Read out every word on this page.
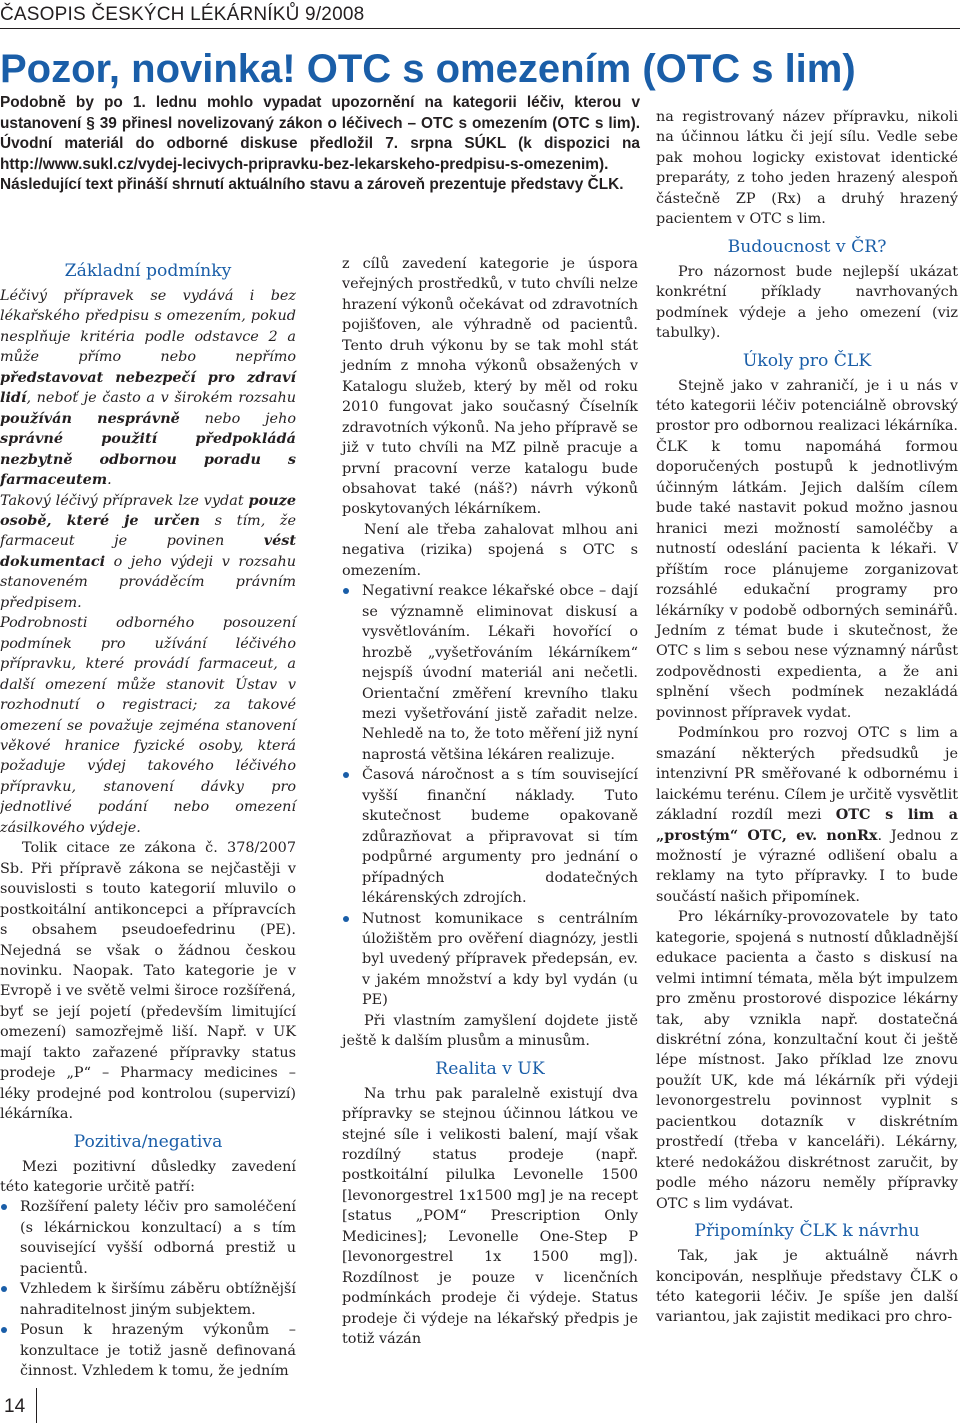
ČASOPIS ČESKÝCH LÉKÁRNÍKŮ 9/2008
Pozor, novinka! OTC s omezením (OTC s lim)

Podobně by po 1. lednu mohlo vypadat upozornění na kategorii léčiv, kterou v ustanovení § 39 přinesl novelizovaný zákon o léčivech – OTC s omezením (OTC s lim). Úvodní materiál do odborné diskuse předložil 7. srpna SÚKL (k dispozici na http://www.sukl.cz/vydej-lecivych-pripravku-bez-lekarskeho-predpisu-s-omezenim). Následující text přináší shrnutí aktuálního stavu a zároveň prezentuje představy ČLK.

Základní podmínky

Léčivý přípravek se vydává i bez lékařského předpisu s omezením, pokud nesplňuje kritéria podle odstavce 2 a může přímo nebo nepřímo představovat nebezpečí pro zdraví lidí, neboť je často a v širokém rozsahu používán nesprávně nebo jeho správné použití předpokládá nezbytně odbornou poradu s farmaceutem.

Takový léčivý přípravek lze vydat pouze osobě, které je určen s tím, že farmaceut je povinen vést dokumentaci o jeho výdeji v rozsahu stanoveném prováděcím právním předpisem.

Podrobnosti odborného posouzení podmínek pro užívání léčivého přípravku, které provádí farmaceut, a další omezení může stanovit Ústav v rozhodnutí o registraci; za takové omezení se považuje zejména stanovení věkové hranice fyzické osoby, která požaduje výdej takového léčivého přípravku, stanovení dávky pro jednotlivé podání nebo omezení zásilkového výdeje.

Tolik citace ze zákona č. 378/2007 Sb. Při přípravě zákona se nejčastěji v souvislosti s touto kategorií mluvilo o postkoitální antikoncepci a přípravcích s obsahem pseudoefedrinu (PE). Nejedná se však o žádnou českou novinku. Naopak. Tato kategorie je v Evropě i ve světě velmi široce rozšířená, byť se její pojetí (především limitující omezení) samozřejmě liší. Např. v UK mají takto zařazené přípravky status prodeje „P“ – Pharmacy medicines – léky prodejné pod kontrolou (supervizí) lékárníka.

Pozitiva/negativa

Mezi pozitivní důsledky zavedení této kategorie určitě patří:

Rozšíření palety léčiv pro samoléčení (s lékárnickou konzultací) a s tím související vyšší odborná prestiž u pacientů.
Vzhledem k širšímu záběru obtížnější nahraditelnost jiným subjektem.
Posun k hrazeným výkonům – konzultace je totiž jasně definovaná činnost. Vzhledem k tomu, že jedním

z cílů zavedení kategorie je úspora veřejných prostředků, v tuto chvíli nelze hrazení výkonů očekávat od zdravotních pojišťoven, ale výhradně od pacientů. Tento druh výkonu by se tak mohl stát jedním z mnoha výkonů obsažených v Katalogu služeb, který by měl od roku 2010 fungovat jako současný Číselník zdravotních výkonů. Na jeho přípravě se již v tuto chvíli na MZ pilně pracuje a první pracovní verze katalogu bude obsahovat také (náš?) návrh výkonů poskytovaných lékárníkem.

Není ale třeba zahalovat mlhou ani negativa (rizika) spojená s OTC s omezením.

Negativní reakce lékařské obce – dají se významně eliminovat diskusí a vysvětlováním. Lékaři hovořící o hrozbě „vyšetřováním lékárníkem“ nejspíš úvodní materiál ani nečetli. Orientační změření krevního tlaku mezi vyšetřování jistě zařadit nelze. Nehledě na to, že toto měření již nyní naprostá většina lékáren realizuje.
Časová náročnost a s tím související vyšší finanční náklady. Tuto skutečnost budeme opakovaně zdůrazňovat a připravovat si tím podpůrné argumenty pro jednání o případných dodatečných lékárenských zdrojích.
Nutnost komunikace s centrálním úložištěm pro ověření diagnózy, jestli byl uvedený přípravek předepsán, ev. v jakém množství a kdy byl vydán (u PE)

Při vlastním zamyšlení dojdete jistě ještě k dalším plusům a minusům.

Realita v UK

Na trhu pak paralelně existují dva přípravky se stejnou účinnou látkou ve stejné síle i velikosti balení, mají však rozdílný status prodeje (např. postkoitální pilulka Levonelle 1500 [levonorgestrel 1x1500 mg] je na recept [status „POM“ Prescription Only Medicines]; Levonelle One-Step P [levonorgestrel 1x 1500 mg]). Rozdílnost je pouze v licenčních podmínkách prodeje či výdeje. Status prodeje či výdeje na lékařský předpis je totiž vázán

na registrovaný název přípravku, nikoli na účinnou látku či její sílu. Vedle sebe pak mohou logicky existovat identické preparáty, z toho jeden hrazený alespoň částečně ZP (Rx) a druhý hrazený pacientem v OTC s lim.

Budoucnost v ČR?

Pro názornost bude nejlepší ukázat konkrétní příklady navrhovaných podmínek výdeje a jeho omezení (viz tabulky).

Úkoly pro ČLK

Stejně jako v zahraničí, je i u nás v této kategorii léčiv potenciálně obrovský prostor pro odbornou realizaci lékárníka. ČLK k tomu napomáhá formou doporučených postupů k jednotlivým účinným látkám. Jejich dalším cílem bude také nastavit pokud možno jasnou hranici mezi možností samoléčby a nutností odeslání pacienta k lékaři. V příštím roce plánujeme zorganizovat rozsáhlé edukační programy pro lékárníky v podobě odborných seminářů. Jedním z témat bude i skutečnost, že OTC s lim s sebou nese významný nárůst zodpovědnosti expedienta, a že ani splnění všech podmínek nezakládá povinnost přípravek vydat.

Podmínkou pro rozvoj OTC s lim a smazání některých předsudků je intenzivní PR směřované k odbornému i laickému terénu. Cílem je určitě vysvětlit základní rozdíl mezi OTC s lim a „prostým“ OTC, ev. nonRx. Jednou z možností je výrazné odlišení obalu a reklamy na tyto přípravky. I to bude součástí našich připomínek.

Pro lékárníky-provozovatele by tato kategorie, spojená s nutností důkladnější edukace pacienta a často s diskusí na velmi intimní témata, měla být impulzem pro změnu prostorové dispozice lékárny tak, aby vznikla např. dostatečná diskrétní zóna, konzultační kout či ještě lépe místnost. Jako příklad lze znovu použít UK, kde má lékárník při výdeji levonorgestrelu povinnost vyplnit s pacientkou dotazník v diskrétním prostředí (třeba v kanceláři). Lékárny, které nedokážou diskrétnost zaručit, by podle mého názoru neměly přípravky OTC s lim vydávat.

Připomínky ČLK k návrhu

Tak, jak je aktuálně návrh koncipován, nesplňuje představy ČLK o této kategorii léčiv. Je spíše jen další variantou, jak zajistit medikaci pro chro-

14
